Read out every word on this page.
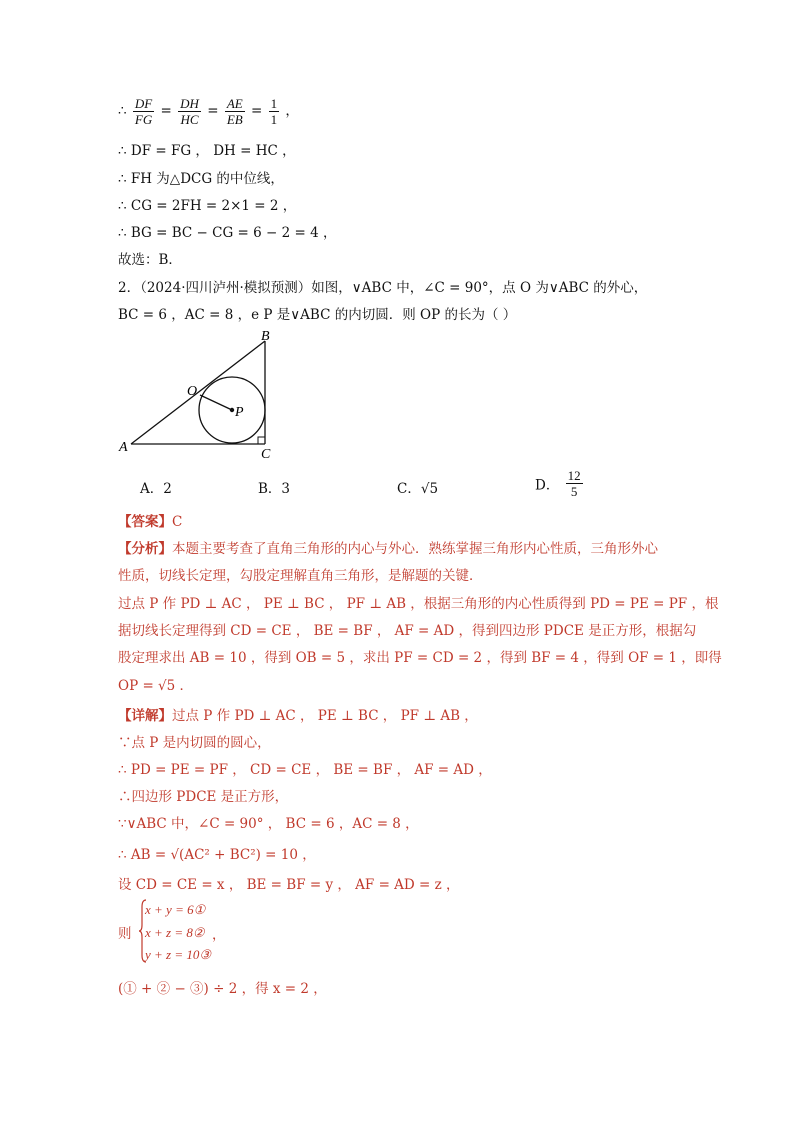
∴ $\frac{DF}{FG} = \frac{DH}{HC} = \frac{AE}{EB} = \frac{1}{1}$ ，
∴ DF = FG ， DH = HC ，
∴ FH 为△DCG 的中位线，
∴ CG = 2FH = 2×1 = 2 ，
∴ BG = BC − CG = 6 − 2 = 4 ，
故选：B．
2．（2024·四川泸州·模拟预测）如图，∨ABC 中，∠C = 90°，点 O 为∨ABC 的外心，
BC = 6 ，AC = 8 ，e P 是∨ABC 的内切圆．则 OP 的长为（ ）
A
B
C
O
P
A．2	B．3	C．√5	D． $\frac{12}{5}$
【答案】C
【分析】本题主要考查了直角三角形的内心与外心．熟练掌握三角形内心性质，三角形外心
性质，切线长定理，勾股定理解直角三角形，是解题的关键．
过点 P 作 PD ⊥ AC ， PE ⊥ BC ， PF ⊥ AB ，根据三角形的内心性质得到 PD = PE = PF ，根
据切线长定理得到 CD = CE ， BE = BF ， AF = AD ，得到四边形 PDCE 是正方形，根据勾
股定理求出 AB = 10 ，得到 OB = 5 ，求出 PF = CD = 2 ，得到 BF = 4 ，得到 OF = 1 ，即得
OP = √5 ．
【详解】过点 P 作 PD ⊥ AC ， PE ⊥ BC ， PF ⊥ AB ，
∵点 P 是内切圆的圆心，
∴ PD = PE = PF ， CD = CE ， BE = BF ， AF = AD ，
∴四边形 PDCE 是正方形，
∵∨ABC 中，∠C = 90° ， BC = 6 ，AC = 8 ，
∴ AB = √(AC² + BC²) = 10 ，
设 CD = CE = x ， BE = BF = y ， AF = AD = z ，
则
x + y = 6①
x + z = 8②
y + z = 10③
，
(① + ② − ③) ÷ 2 ，得 x = 2 ，
